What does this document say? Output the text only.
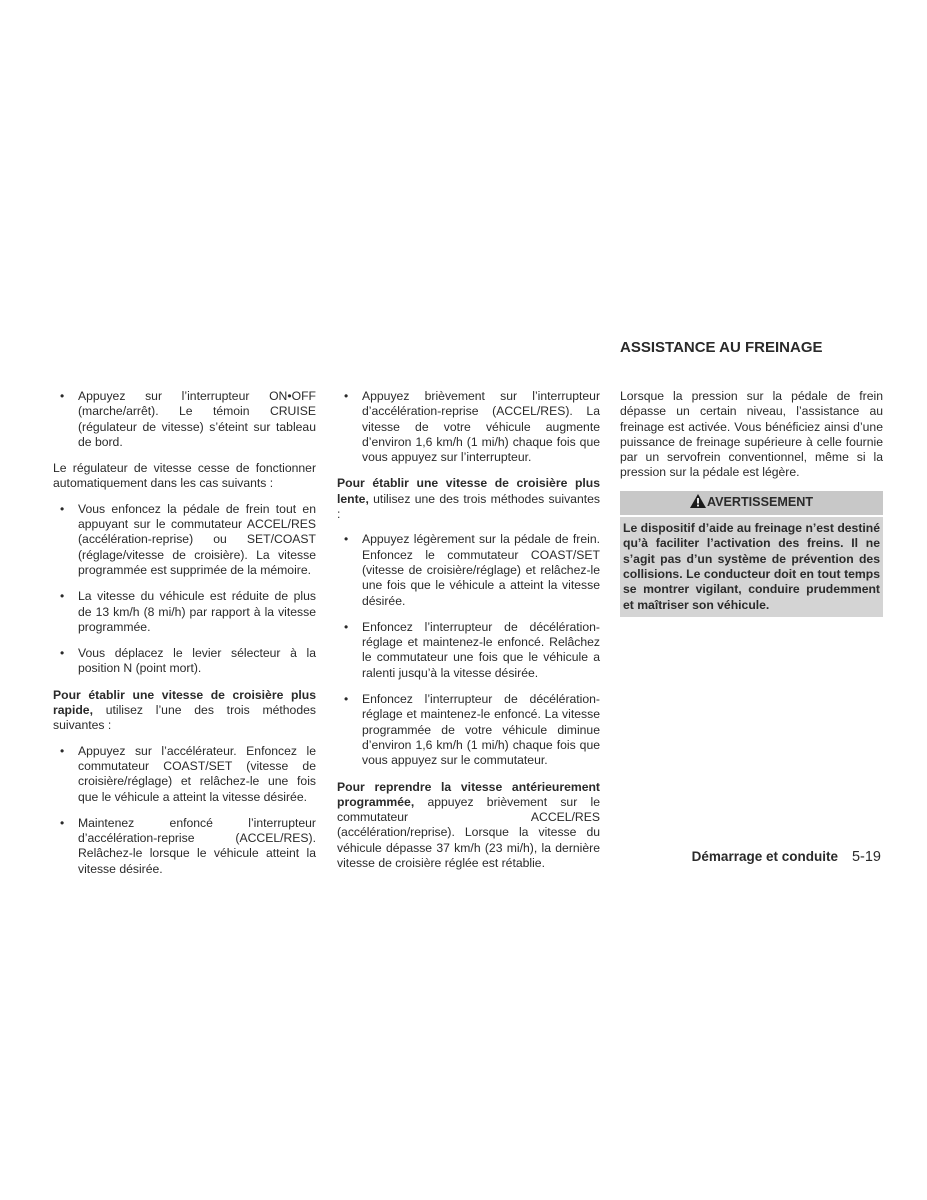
• Appuyez sur l’interrupteur ON•OFF (marche/arrêt). Le témoin CRUISE (régulateur de vitesse) s’éteint sur tableau de bord.

Le régulateur de vitesse cesse de fonctionner automatiquement dans les cas suivants :

• Vous enfoncez la pédale de frein tout en appuyant sur le commutateur ACCEL/RES (accélération-reprise) ou SET/COAST (réglage/vitesse de croisière). La vitesse programmée est supprimée de la mémoire.
• La vitesse du véhicule est réduite de plus de 13 km/h (8 mi/h) par rapport à la vitesse programmée.
• Vous déplacez le levier sélecteur à la position N (point mort).

Pour établir une vitesse de croisière plus rapide, utilisez l’une des trois méthodes suivantes :

• Appuyez sur l’accélérateur. Enfoncez le commutateur COAST/SET (vitesse de croisière/réglage) et relâchez-le une fois que le véhicule a atteint la vitesse désirée.
• Maintenez enfoncé l’interrupteur d’accélération-reprise (ACCEL/RES). Relâchez-le lorsque le véhicule atteint la vitesse désirée.
• Appuyez brièvement sur l’interrupteur d’accélération-reprise (ACCEL/RES). La vitesse de votre véhicule augmente d’environ 1,6 km/h (1 mi/h) chaque fois que vous appuyez sur l’interrupteur.

Pour établir une vitesse de croisière plus lente, utilisez une des trois méthodes suivantes :

• Appuyez légèrement sur la pédale de frein. Enfoncez le commutateur COAST/SET (vitesse de croisière/réglage) et relâchez-le une fois que le véhicule a atteint la vitesse désirée.
• Enfoncez l’interrupteur de décélération-réglage et maintenez-le enfoncé. Relâchez le commutateur une fois que le véhicule a ralenti jusqu’à la vitesse désirée.
• Enfoncez l’interrupteur de décélération-réglage et maintenez-le enfoncé. La vitesse programmée de votre véhicule diminue d’environ 1,6 km/h (1 mi/h) chaque fois que vous appuyez sur le commutateur.

Pour reprendre la vitesse antérieurement programmée, appuyez brièvement sur le commutateur ACCEL/RES (accélération/reprise). Lorsque la vitesse du véhicule dépasse 37 km/h (23 mi/h), la dernière vitesse de croisière réglée est rétablie.

ASSISTANCE AU FREINAGE

Lorsque la pression sur la pédale de frein dépasse un certain niveau, l’assistance au freinage est activée. Vous bénéficiez ainsi d’une puissance de freinage supérieure à celle fournie par un servofrein conventionnel, même si la pression sur la pédale est légère.

AVERTISSEMENT
Le dispositif d’aide au freinage n’est destiné qu’à faciliter l’activation des freins. Il ne s’agit pas d’un système de prévention des collisions. Le conducteur doit en tout temps se montrer vigilant, conduire prudemment et maîtriser son véhicule.
Démarrage et conduite 5-19
